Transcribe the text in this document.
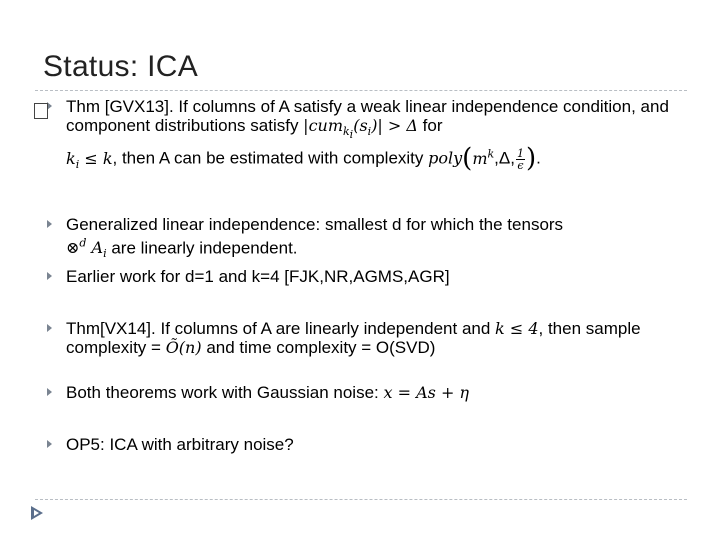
Status: ICA
Thm [GVX13]. If columns of A satisfy a weak linear independence condition, and component distributions satisfy $|cum_{k_i}(s_i)| > \Delta$ for
$k_i \le k$, then A can be estimated with complexity $poly(m^k,\Delta$, $\frac{1}{\epsilon}$ ).
Generalized linear independence: smallest d for which the tensors
⊗$^d$ $A_i$ are linearly independent.
Earlier work for d=1 and k=4 [FJK,NR,AGMS,AGR]
Thm[VX14]. If columns of A are linearly independent and k ≤ 4, then sample complexity = Õ(n) and time complexity = O(SVD)
Both theorems work with Gaussian noise: x = As + η
OP5: ICA with arbitrary noise?
